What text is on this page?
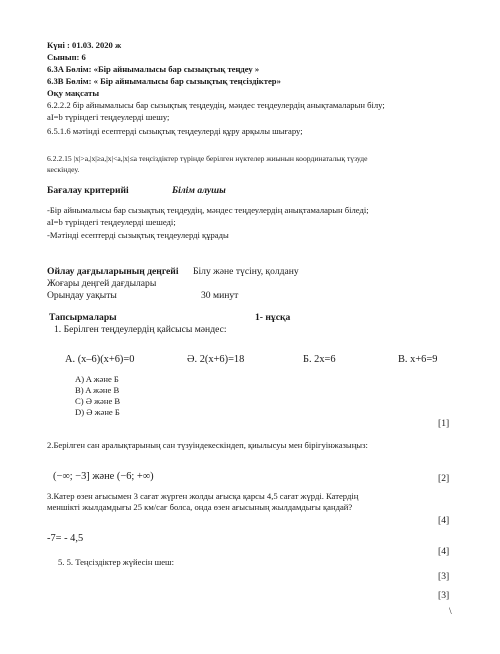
Күні : 01.03. 2020 ж
Сынып: 6
6.3A Бөлім: «Бір айнымалысы бар сызықтық теңдеу »
6.3B Бөлім: « Бір айнымалысы бар сызықтық теңсіздіктер»
Оқу мақсаты
6.2.2.2 бір айнымалысы бар сызықтық теңдеудің, мәндес теңдеулердің анықтамаларын білу;
aI=b түріндегі теңдеулерді шешу;
6.5.1.6 мәтінді есептерді сызықтық теңдеулерді құру арқылы шығару;
6.2.2.15 |x|>a,|x|≥a,|x|<a,|x|≤a теңсіздіктер түрінде берілген нүктелер жиынын координаталық түзуде
кескіндеу.
Бағалау критерийі	Білім алушы
-Бір айнымалысы бар сызықтық теңдеудің, мәндес теңдеулердің анықтамаларын біледі;
aI=b түріндегі теңдеулерді шешеді;
-Мәтінді есептерді сызықтық теңдеулерді құрады
Ойлау дағдыларының деңгейі Білу және түсіну, қолдану
Жоғары деңгей дағдылары
Орындау уақыты	30 минут
Тапсырмалары	1- нұсқа
1. Берілген теңдеулердің қайсысы мәндес:
А. (x–6)(x+6)=0	Ә. 2(x+6)=18	Б. 2x=6	В. x+6=9
A) A және Б
B) A және B
C) Ә және B
D) Ә және Б
[1]
2.Берілген сан аралықтарының сан түзуіндекескіндеп, қиылысуы мен бірігуінжазыңыз:
(−∞; −3] және (−6; +∞)	[2]
3.Катер өзен ағысымен 3 сағат жүрген жолды ағысқа қарсы 4,5 сағат жүрді. Катердің
меншікті жылдамдығы 25 км/сағ болса, онда өзен ағысының жылдамдығы қандай?
[4]
-7= - 4,5
[4]
5. 5. Теңсіздіктер жүйесін шеш:
[3]
[3]
\
